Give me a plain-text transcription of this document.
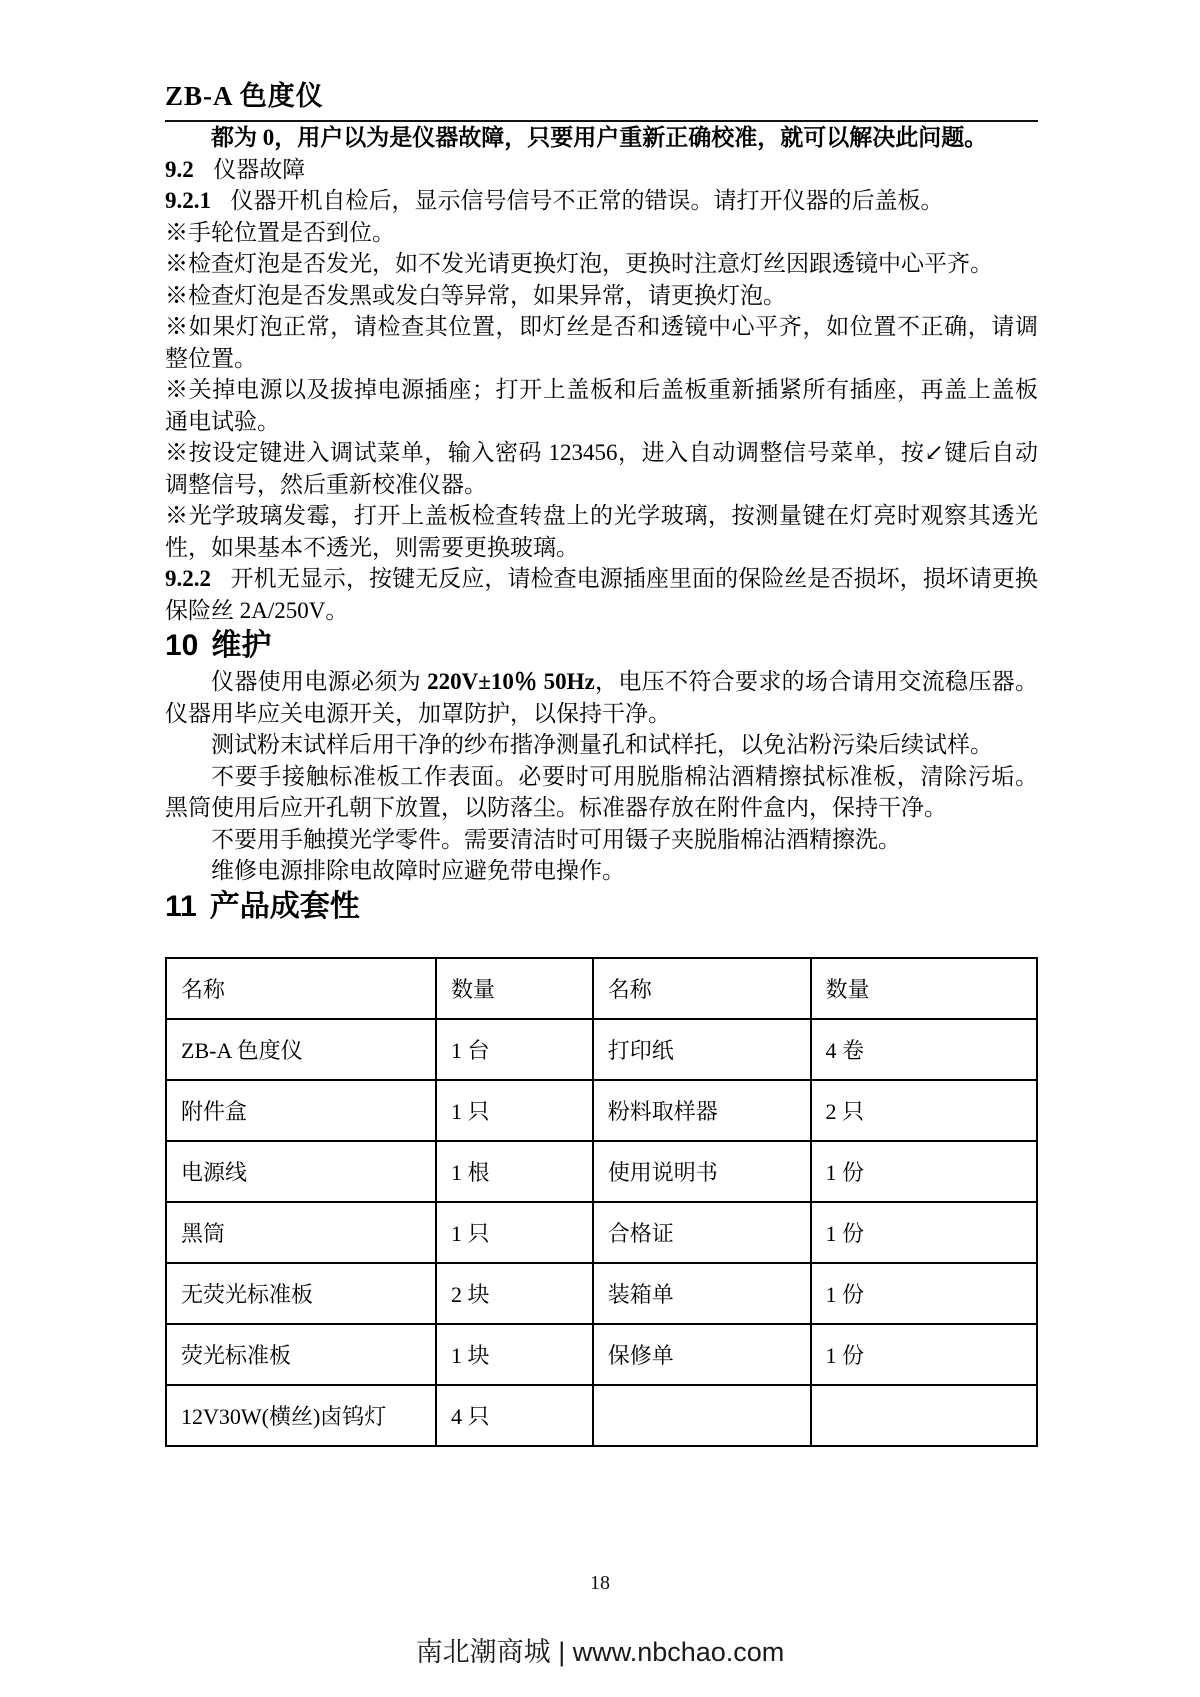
ZB-A 色度仪

都为 0，用户以为是仪器故障，只要用户重新正确校准，就可以解决此问题。

9.2 仪器故障

9.2.1 仪器开机自检后，显示信号信号不正常的错误。请打开仪器的后盖板。

※手轮位置是否到位。

※检查灯泡是否发光，如不发光请更换灯泡，更换时注意灯丝因跟透镜中心平齐。

※检查灯泡是否发黑或发白等异常，如果异常，请更换灯泡。

※如果灯泡正常，请检查其位置，即灯丝是否和透镜中心平齐，如位置不正确，请调整位置。

※关掉电源以及拔掉电源插座；打开上盖板和后盖板重新插紧所有插座，再盖上盖板通电试验。

※按设定键进入调试菜单，输入密码 123456，进入自动调整信号菜单，按↙键后自动调整信号，然后重新校准仪器。

※光学玻璃发霉，打开上盖板检查转盘上的光学玻璃，按测量键在灯亮时观察其透光性，如果基本不透光，则需要更换玻璃。

9.2.2 开机无显示，按键无反应，请检查电源插座里面的保险丝是否损坏，损坏请更换保险丝 2A/250V。

10 维护

仪器使用电源必须为 220V±10％ 50Hz，电压不符合要求的场合请用交流稳压器。仪器用毕应关电源开关，加罩防护，以保持干净。

测试粉末试样后用干净的纱布揩净测量孔和试样托，以免沾粉污染后续试样。

不要手接触标准板工作表面。必要时可用脱脂棉沾酒精擦拭标准板，清除污垢。黑筒使用后应开孔朝下放置，以防落尘。标准器存放在附件盒内，保持干净。

不要用手触摸光学零件。需要清洁时可用镊子夹脱脂棉沾酒精擦洗。

维修电源排除电故障时应避免带电操作。

11 产品成套性
名称	数量	名称	数量
ZB-A 色度仪	1 台	打印纸	4 卷
附件盒	1 只	粉料取样器	2 只
电源线	1 根	使用说明书	1 份
黑筒	1 只	合格证	1 份
无荧光标准板	2 块	装箱单	1 份
荧光标准板	1 块	保修单	1 份
12V30W(横丝)卤钨灯	4 只		
18
南北潮商城 | www.nbchao.com
